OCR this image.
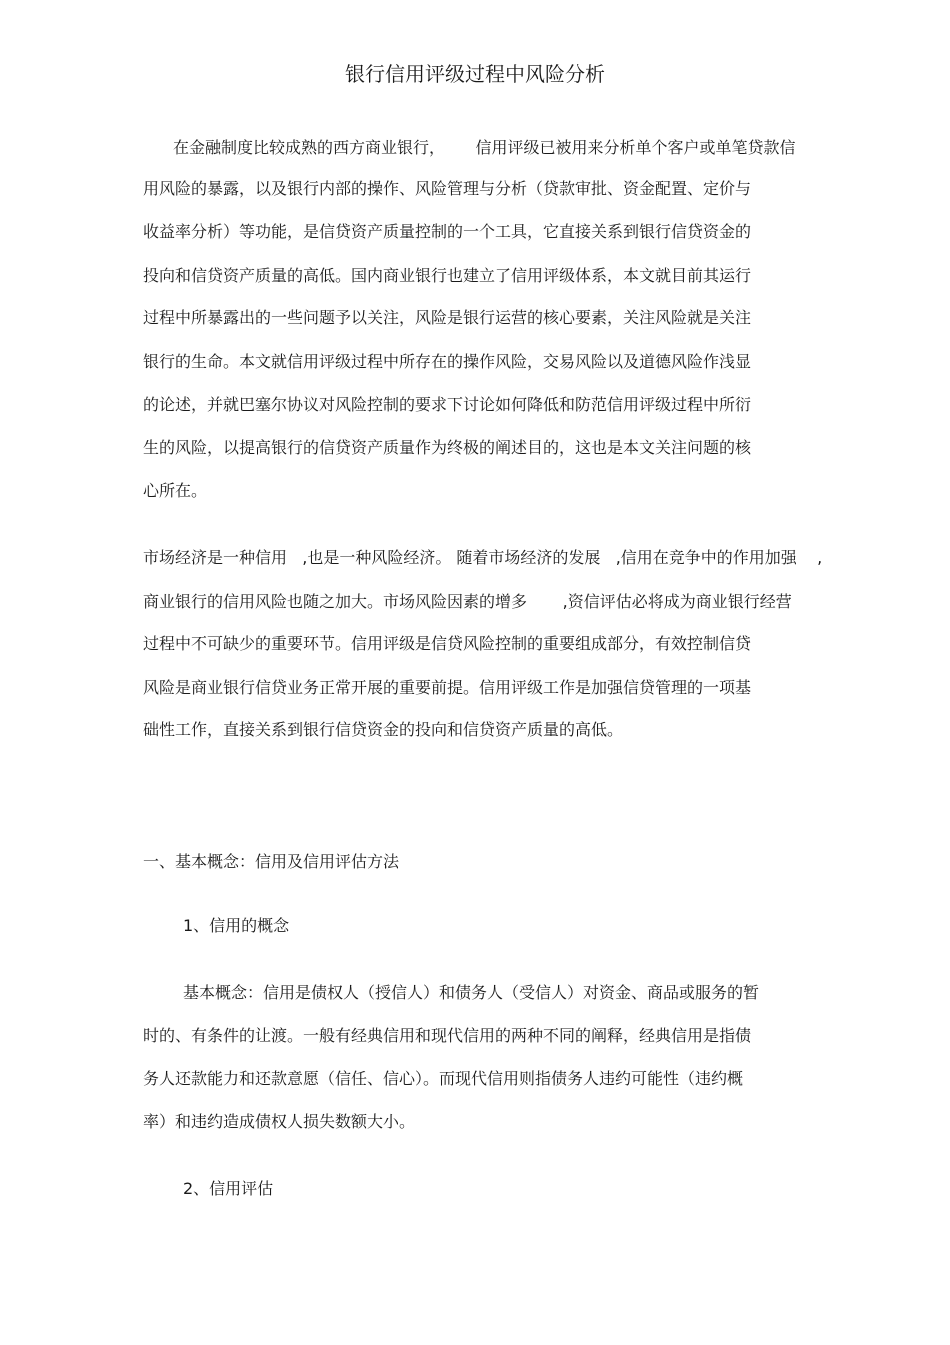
银行信用评级过程中风险分析
在金融制度比较成熟的西方商业银行，      信用评级已被用来分析单个客户或单笔贷款信
用风险的暴露，以及银行内部的操作、风险管理与分析（贷款审批、资金配置、定价与
收益率分析）等功能，是信贷资产质量控制的一个工具，它直接关系到银行信贷资金的
投向和信贷资产质量的高低。国内商业银行也建立了信用评级体系，本文就目前其运行
过程中所暴露出的一些问题予以关注，风险是银行运营的核心要素，关注风险就是关注
银行的生命。本文就信用评级过程中所存在的操作风险，交易风险以及道德风险作浅显
的论述，并就巴塞尔协议对风险控制的要求下讨论如何降低和防范信用评级过程中所衍
生的风险，以提高银行的信贷资产质量作为终极的阐述目的，这也是本文关注问题的核
心所在。
市场经济是一种信用   ,也是一种风险经济。 随着市场经济的发展   ,信用在竞争中的作用加强    ,
商业银行的信用风险也随之加大。市场风险因素的增多       ,资信评估必将成为商业银行经营
过程中不可缺少的重要环节。信用评级是信贷风险控制的重要组成部分，有效控制信贷
风险是商业银行信贷业务正常开展的重要前提。信用评级工作是加强信贷管理的一项基
础性工作，直接关系到银行信贷资金的投向和信贷资产质量的高低。
一、基本概念：信用及信用评估方法
1、信用的概念
基本概念：信用是债权人（授信人）和债务人（受信人）对资金、商品或服务的暂
时的、有条件的让渡。一般有经典信用和现代信用的两种不同的阐释，经典信用是指债
务人还款能力和还款意愿（信任、信心）。而现代信用则指债务人违约可能性（违约概
率）和违约造成债权人损失数额大小。
2、信用评估
